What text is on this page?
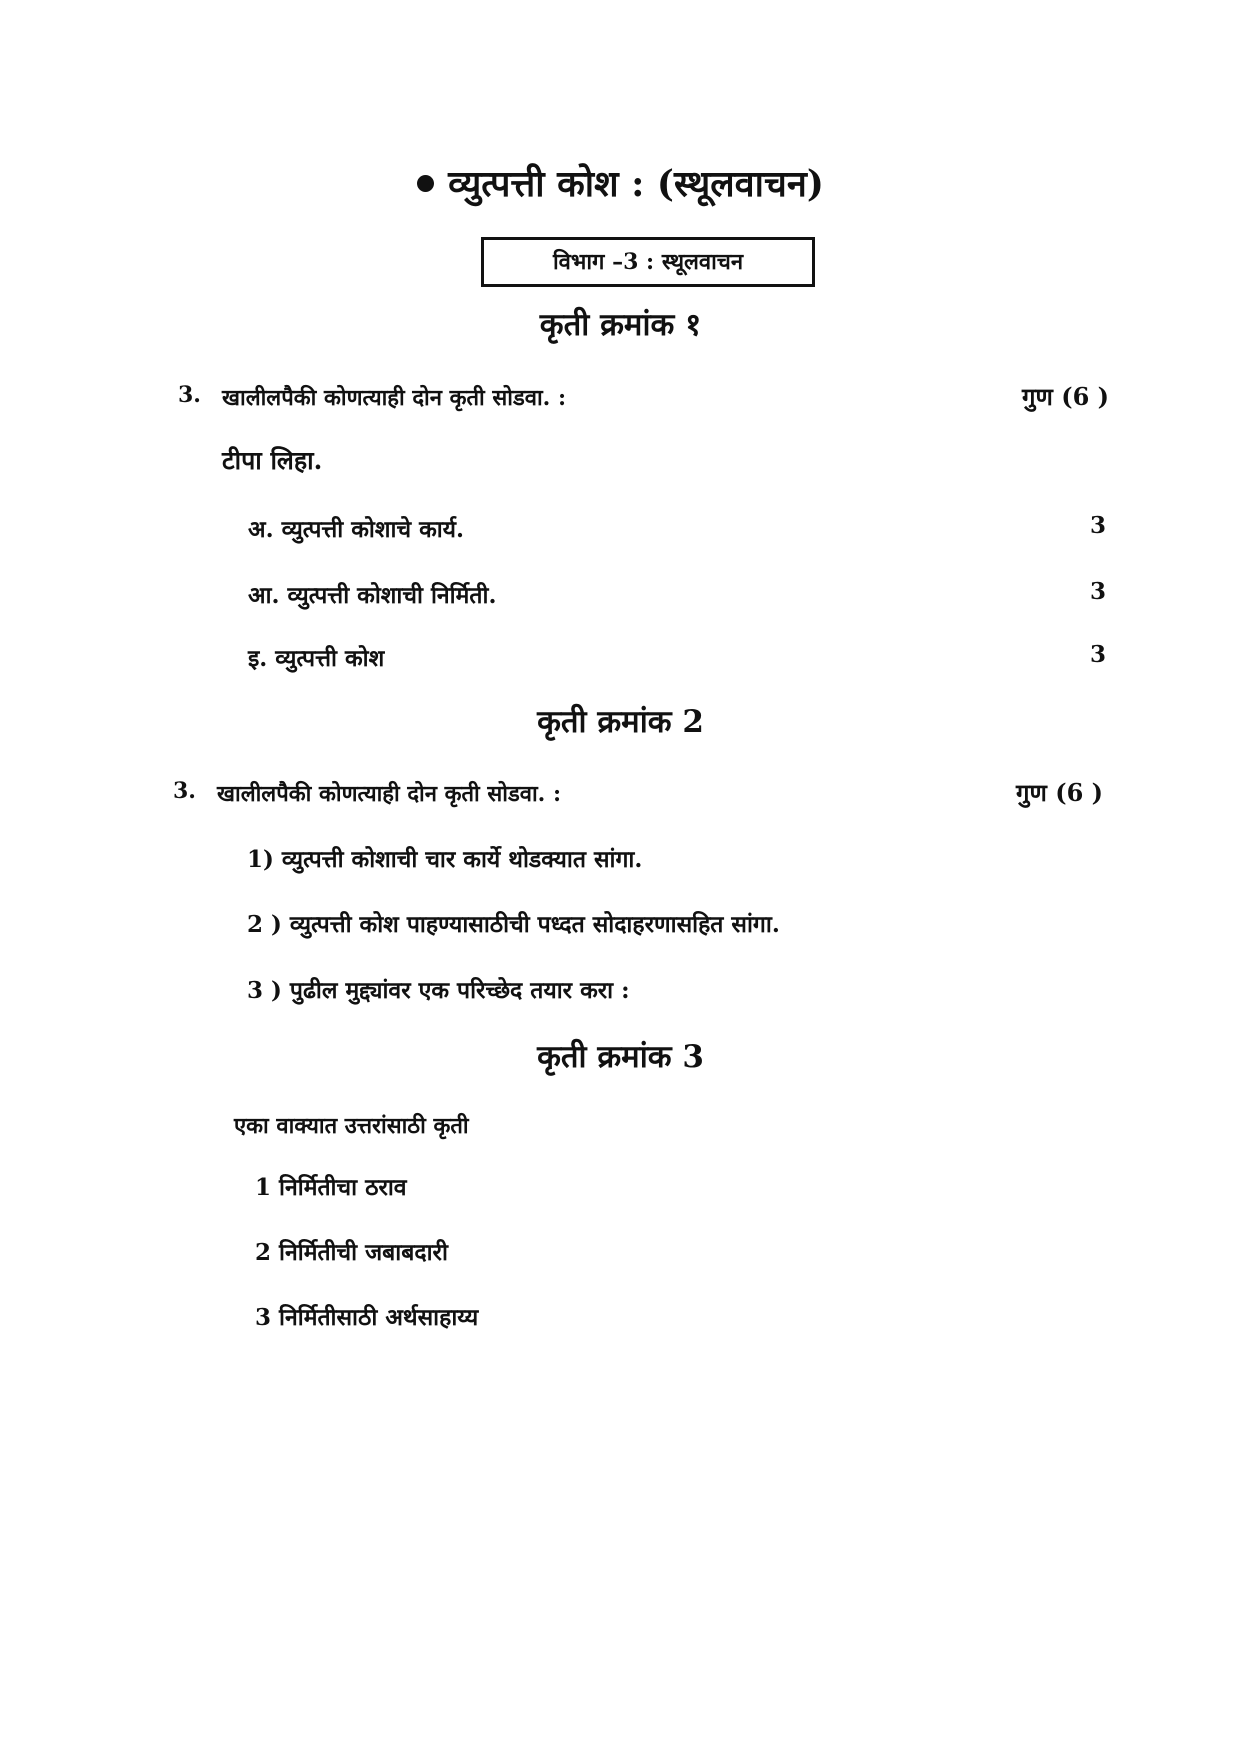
व्युत्पत्ती कोश : (स्थूलवाचन)
विभाग –3 : स्थूलवाचन
कृती क्रमांक १
3. खालीलपैकी कोणत्याही दोन कृती सोडवा. :	गुण (6 )
टीपा लिहा.
अ. व्युत्पत्ती कोशाचे कार्य.	3
आ. व्युत्पत्ती कोशाची निर्मिती.	3
इ. व्युत्पत्ती कोश	3
कृती क्रमांक 2
3. खालीलपैकी कोणत्याही दोन कृती सोडवा. :	गुण (6 )
1) व्युत्पत्ती कोशाची चार कार्ये थोडक्यात सांगा.
2 ) व्युत्पत्ती कोश पाहण्यासाठीची पध्दत सोदाहरणासहित सांगा.
3 ) पुढील मुद्द्यांवर एक परिच्छेद तयार करा :
कृती क्रमांक 3
एका वाक्यात उत्तरांसाठी कृती
1 निर्मितीचा ठराव
2 निर्मितीची जबाबदारी
3 निर्मितीसाठी अर्थसाहाय्य
